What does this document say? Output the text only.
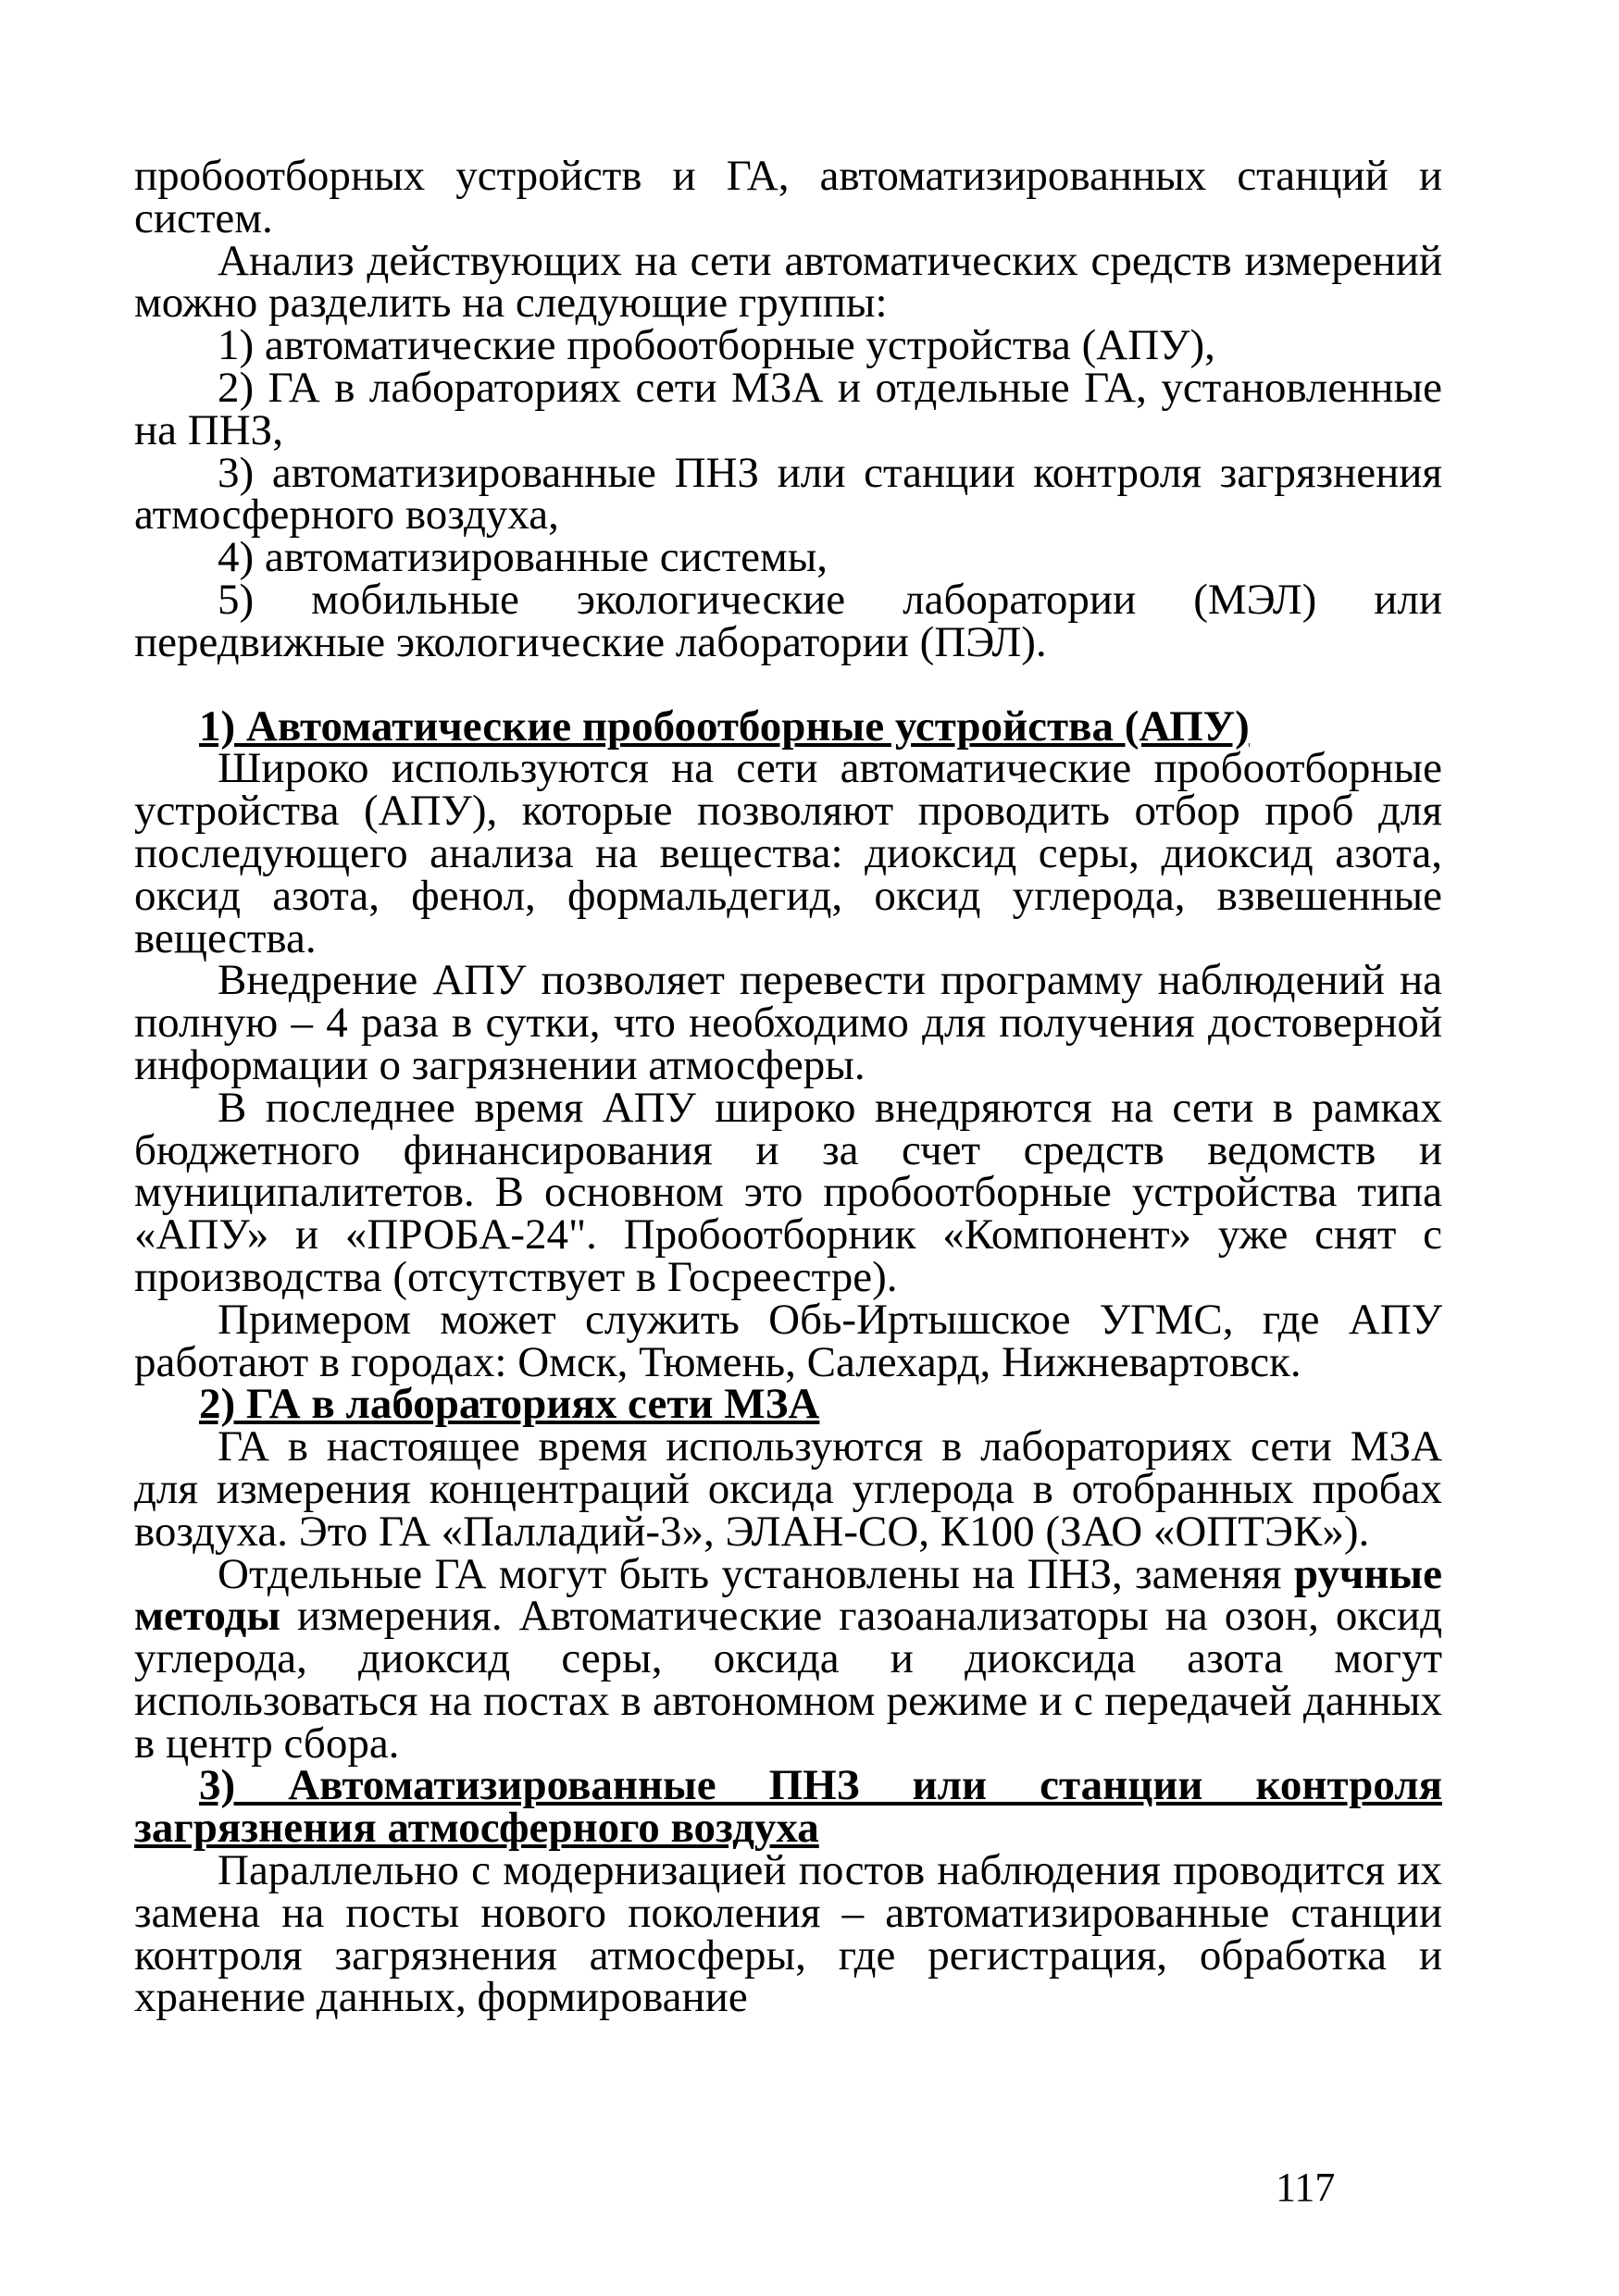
пробоотборных устройств и ГА, автоматизированных станций и систем.

Анализ действующих на сети автоматических средств измерений можно разделить на следующие группы:

1) автоматические пробоотборные устройства (АПУ),

2) ГА в лабораториях сети МЗА и отдельные ГА, установленные на ПНЗ,

3) автоматизированные ПНЗ или станции контроля загрязнения атмосферного воздуха,

4) автоматизированные системы,

5) мобильные экологические лаборатории (МЭЛ) или передвижные экологические лаборатории (ПЭЛ).

1) Автоматические пробоотборные устройства (АПУ)

Широко используются на сети автоматические пробоотборные устройства (АПУ), которые позволяют проводить отбор проб для последующего анализа на вещества: диоксид серы, диоксид азота, оксид азота, фенол, формальдегид, оксид углерода, взвешенные вещества.

Внедрение АПУ позволяет перевести программу наблюдений на полную – 4 раза в сутки, что необходимо для получения достоверной информации о загрязнении атмосферы.

В последнее время АПУ широко внедряются на сети в рамках бюджетного финансирования и за счет средств ведомств и муниципалитетов. В основном это пробоотборные устройства типа «АПУ» и «ПРОБА-24". Пробоотборник «Компонент» уже снят с производства (отсутствует в Госреестре).

Примером может служить Обь-Иртышское УГМС, где АПУ работают в городах: Омск, Тюмень, Салехард, Нижневартовск.

2) ГА в лабораториях сети МЗА

ГА в настоящее время используются в лабораториях сети МЗА для измерения концентраций оксида углерода в отобранных пробах воздуха. Это ГА «Палладий-3», ЭЛАН-СО, К100 (ЗАО «ОПТЭК»).

Отдельные ГА могут быть установлены на ПНЗ, заменяя ручные методы измерения. Автоматические газоанализаторы на озон, оксид углерода, диоксид серы, оксида и диоксида азота могут использоваться на постах в автономном режиме и с передачей данных в центр сбора.

3) Автоматизированные ПНЗ или станции контроля загрязнения атмосферного воздуха

Параллельно с модернизацией постов наблюдения проводится их замена на посты нового поколения – автоматизированные станции контроля загрязнения атмосферы, где регистрация, обработка и хранение данных, формирование

117
